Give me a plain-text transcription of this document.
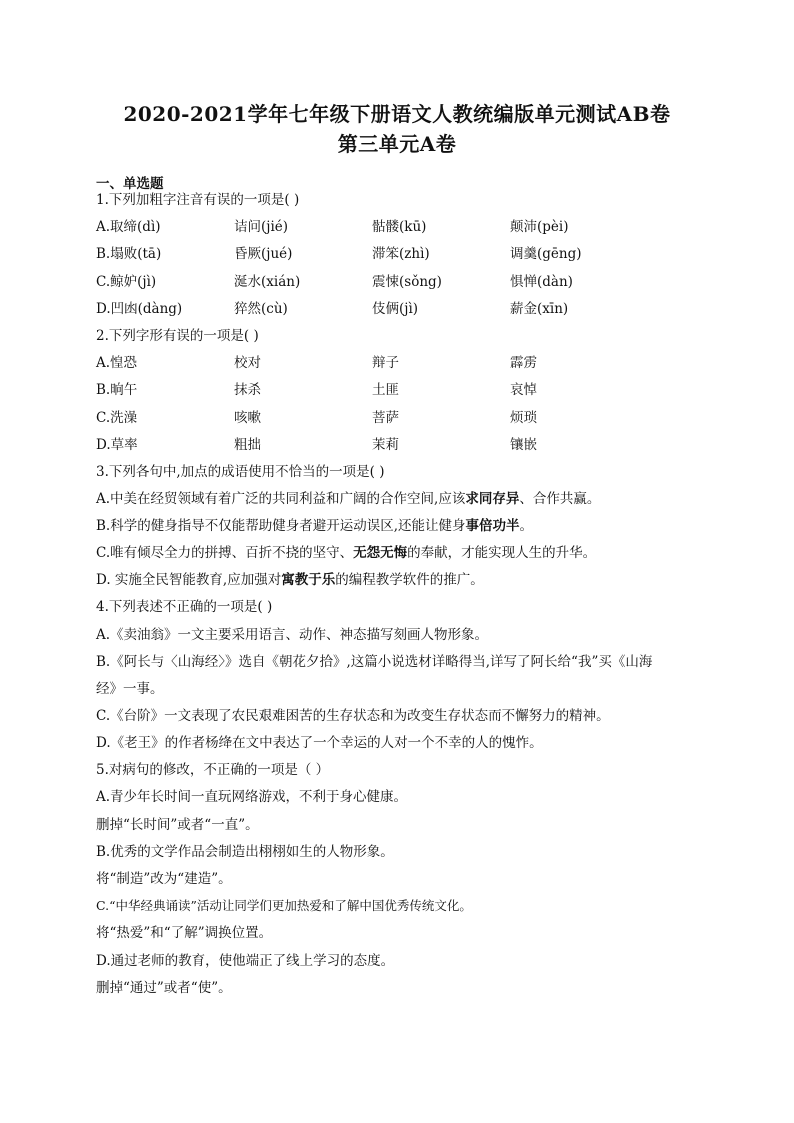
2020-2021学年七年级下册语文人教统编版单元测试AB卷
第三单元A卷
一、单选题
1.下列加粗字注音有误的一项是( )
A.取缔(dì)	诘问(jié)	骷髅(kū)	颠沛(pèi)
B.塌败(tā)	昏厥(jué)	滞笨(zhì)	调羹(gēng)
C.鲸妒(jì)	涎水(xián)	震悚(sǒng)	惧惮(dàn)
D.凹凼(dàng)	猝然(cù)	伎俩(jì)	薪金(xīn)
2.下列字形有误的一项是( )
A.惶恐	校对	辩子	霹雳
B.晌午	抹杀	土匪	哀悼
C.洗澡	咳嗽	菩萨	烦琐
D.草率	粗拙	茉莉	镶嵌
3.下列各句中,加点的成语使用不恰当的一项是( )
A.中美在经贸领域有着广泛的共同利益和广阔的合作空间,应该求同存异、合作共赢。
B.科学的健身指导不仅能帮助健身者避开运动误区,还能让健身事倍功半。
C.唯有倾尽全力的拼搏、百折不挠的坚守、无怨无悔的奉献，才能实现人生的升华。
D. 实施全民智能教育,应加强对寓教于乐的编程教学软件的推广。
4.下列表述不正确的一项是( )
A.《卖油翁》一文主要采用语言、动作、神态描写刻画人物形象。
B.《阿长与〈山海经〉》选自《朝花夕拾》,这篇小说选材详略得当,详写了阿长给“我”买《山海
经》一事。
C.《台阶》一文表现了农民艰难困苦的生存状态和为改变生存状态而不懈努力的精神。
D.《老王》的作者杨绛在文中表达了一个幸运的人对一个不幸的人的愧怍。
5.对病句的修改，不正确的一项是（ ）
A.青少年长时间一直玩网络游戏，不利于身心健康。
删掉“长时间”或者“一直”。
B.优秀的文学作品会制造出栩栩如生的人物形象。
将“制造”改为“建造”。
C.“中华经典诵读”活动让同学们更加热爱和了解中国优秀传统文化。
将“热爱”和“了解”调换位置。
D.通过老师的教育，使他端正了线上学习的态度。
删掉“通过”或者“使”。
